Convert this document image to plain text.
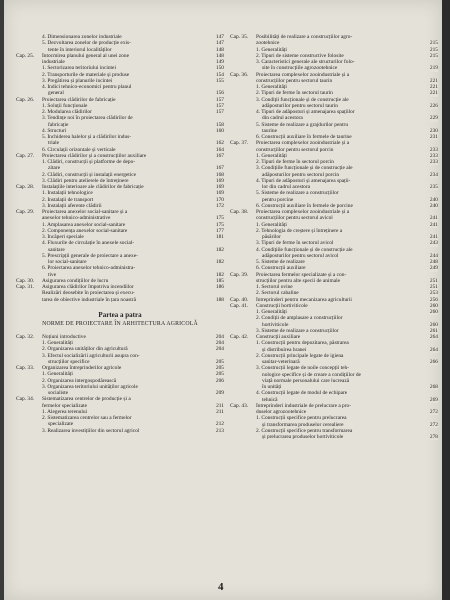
4. Dimensionarea zonelor industriale	147
5. Dezvoltarea zonelor de producție exis-	147
tente în interiorul localităților	148
Cap. 25.	Întocmirea planului general al unei zone	148
industriale	149
1. Sectorizarea teritoriului incintei	150
2. Transporturile de materiale și produse	154
3. Pregătirea și planurile incintei	155
4. Indici tehnico-economici pentru planul
general	156
Cap. 26.	Proiectarea clădirilor de fabricație	157
1. Soluții funcționale	157
2. Modularea clădirilor	157
3. Tendințe noi în proiectarea clădirilor de
fabricație	158
4. Structuri	160
5. Închiderea halelor și a clădirilor indus-
triale	162
6. Circulații orizontale și verticale	164
Cap. 27.	Proiectarea clădirilor și a construcțiilor auxiliare	167
1. Clădiri, construcții și platforme de depo-
zitare	167
2. Clădiri, construcții și instalații energetice	168
3. Clădiri pentru atelierele de întreținere	169
Cap. 28.	Instalațiile interioare ale clădirilor de fabricație	169
1. Instalații tehnologice	169
2. Instalații de transport	170
3. Instalații aferente clădirii	172
Cap. 29.	Proiectarea anexelor social-sanitare și a
anexelor tehnico-administrative	175
1. Amplasarea anexelor social-sanitare	175
2. Componența anexelor social-sanitare	177
3. Încăperi speciale	181
4. Fluxurile de circulație în anexele social-
sanitare	182
5. Prescripții generale de proiectare a anexe-
lor social-sanitare	182
6. Proiectarea anexelor tehnico-administra-
tive	182
Cap. 30.	Asigurarea condițiilor de lucru	185
Cap. 31.	Asigurarea clădirilor împotriva incendiilor	186
Realizări deosebite în proiectarea și execu-
tarea de obiective industriale în țara noastră	188
Partea a patra
NORME DE PROIECTARE ÎN ARHITECTURA AGRICOLĂ
Cap. 32.	Noțiuni introductive	204
1. Generalități	204
2. Organizarea unităților din agricultură	204
3. Efectul socializării agriculturii asupra con-
strucțiilor specifice	205
Cap. 33.	Organizarea întreprinderilor agricole	205
1. Generalități	205
2. Organizarea intergospodărească	206
3. Organizarea teritoriului unităților agricole
socialiste	209
Cap. 34.	Sistematizarea centrelor de producție și a
fermelor specializate	211
1. Alegerea terenului	211
2. Sistematizarea centrelor sau a fermelor
specializate	212
3. Realizarea investițiilor din sectorul agricol	213
Cap. 35.	Posibilități de realizare a construcțiilor agro-
zootehnice	215
1. Generalități	215
2. Tipuri de sisteme constructive folosite	215
3. Caracteristici generale ale structurilor folo-
site în construcțiile agrozootehnice	219
Cap. 36.	Proiectarea complexelor zooindustriale și a
construcțiilor pentru sectorul taurin	221
1. Generalități	221
2. Tipuri de ferme în sectorul taurin	221
3. Condiții funcționale și de construcție ale
adăposturilor pentru sectorul taurin	226
4. Tipuri de adăposturi și amenajarea spațiilor
din cadrul acestora	229
5. Sisteme de realizare a grajdurilor pentru
taurine	230
6. Construcții auxiliare în fermele de taurine	231
Cap. 37.	Proiectarea complexelor zooindustriale și a
construcțiilor pentru sectorul porcin	233
1. Generalități	233
2. Tipuri de ferme în sectorul porcin	233
3. Condițiile funcționale și de construcție ale
adăposturilor pentru sectorul porcin	234
4. Tipuri de adăposturi și amenajarea spații-
lor din cadrul acestora	235
5. Sisteme de realizare a construcțiilor
pentru porcine	240
6. Construcții auxiliare în fermele de porcine	240
Cap. 38.	Proiectarea complexelor zooindustriale și a
construcțiilor pentru sectorul avicol	241
1. Generalități	241
2. Tehnologia de creștere și întreținere a
păsărilor	241
3. Tipuri de ferme în sectorul avicol	243
4. Condițiile funcționale și de construcție ale
adăposturilor pentru sectorul avicol	244
5. Sisteme de realizare	248
6. Construcții auxiliare	249
Cap. 39.	Proiectarea fermelor specializate și a con-
strucțiilor pentru alte specii de animale	251
1. Sectorul ovine	251
2. Sectorul cabaline	253
Cap. 40.	Întreprinderi pentru mecanizarea agriculturii	256
Cap. 41.	Construcții hortiviticole	260
1. Generalități	260
2. Condiții de amplasare a construcțiilor
hortiviticole	260
3. Sisteme de realizare a construcțiilor	261
Cap. 42.	Construcții auxiliare	264
1. Construcții pentru depozitarea, păstrarea
și distribuirea hranei	264
2. Construcții principale legate de igiena
sanitar-veterinară	266
3. Construcții legate de noile concepții teh-
nologice specifice și de creare a condițiilor de
viață normale personalului care lucrează
în unități	268
4. Construcții legate de modul de echipare
tehnică	269
Cap. 43.	Întreprinderi industriale de prelucrare a pro-
duselor agrozootehnice	272
1. Construcții specifice pentru prelucrarea
și transformarea produselor cerealiere	272
2. Construcții specifice pentru transformarea
și prelucrarea produselor hortiviticole	278
4
